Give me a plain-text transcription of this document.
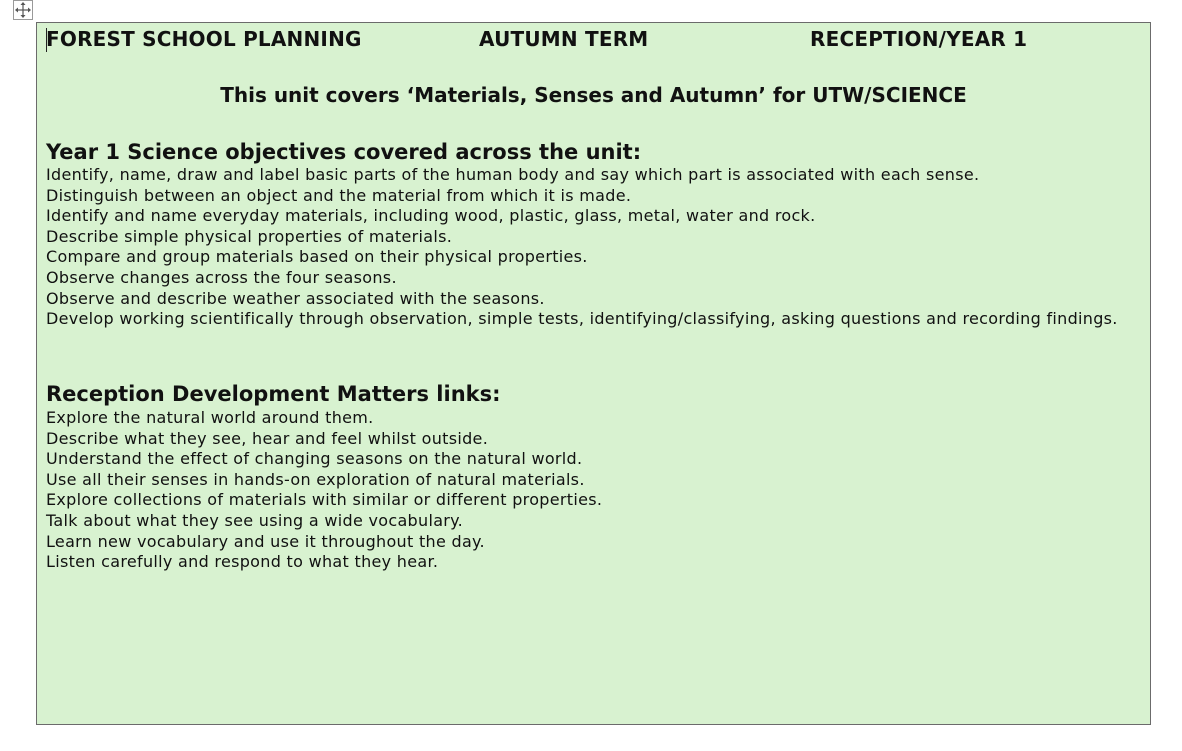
FOREST SCHOOL PLANNING	AUTUMN TERM	RECEPTION/YEAR 1
This unit covers ‘Materials, Senses and Autumn’ for UTW/SCIENCE
Year 1 Science objectives covered across the unit:
Identify, name, draw and label basic parts of the human body and say which part is associated with each sense.
Distinguish between an object and the material from which it is made.
Identify and name everyday materials, including wood, plastic, glass, metal, water and rock.
Describe simple physical properties of materials.
Compare and group materials based on their physical properties.
Observe changes across the four seasons.
Observe and describe weather associated with the seasons.
Develop working scientifically through observation, simple tests, identifying/classifying, asking questions and recording findings.
Reception Development Matters links:
Explore the natural world around them.
Describe what they see, hear and feel whilst outside.
Understand the effect of changing seasons on the natural world.
Use all their senses in hands-on exploration of natural materials.
Explore collections of materials with similar or different properties.
Talk about what they see using a wide vocabulary.
Learn new vocabulary and use it throughout the day.
Listen carefully and respond to what they hear.
